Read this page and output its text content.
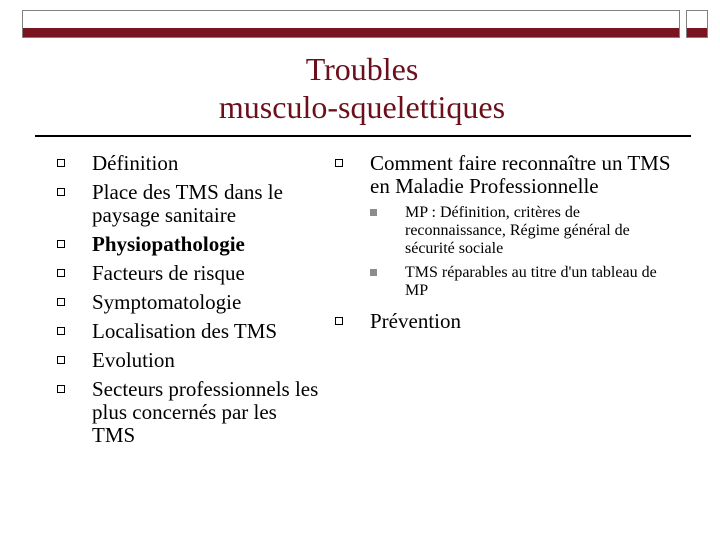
Troubles
musculo-squelettiques
Définition
Place des TMS dans le paysage sanitaire
Physiopathologie
Facteurs de risque
Symptomatologie
Localisation des TMS
Evolution
Secteurs professionnels les plus concernés par les TMS
Comment faire reconnaître un TMS en Maladie Professionnelle
MP : Définition, critères de reconnaissance, Régime général de sécurité sociale
TMS réparables au titre d'un tableau de MP
Prévention
